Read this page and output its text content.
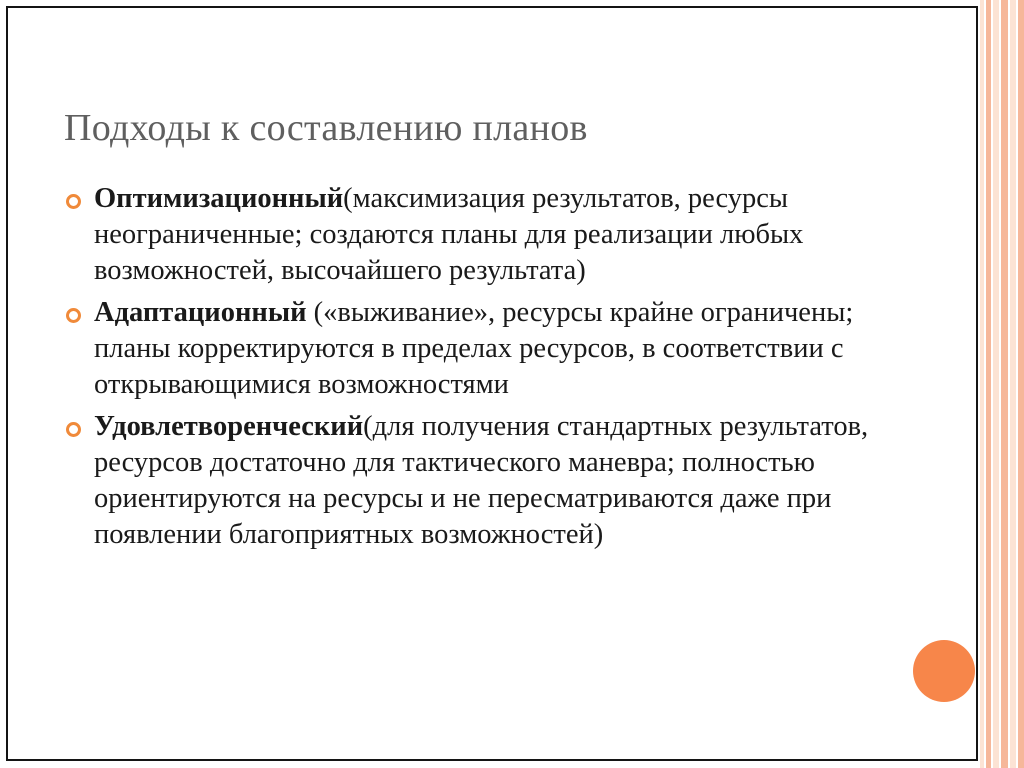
Подходы к составлению планов
Оптимизационный(максимизация результатов, ресурсы неограниченные; создаются планы для реализации любых возможностей, высочайшего результата)
Адаптационный («выживание», ресурсы крайне ограничены; планы корректируются в пределах ресурсов, в соответствии с открывающимися возможностями
Удовлетворенческий(для получения стандартных результатов, ресурсов достаточно для тактического маневра; полностью ориентируются на ресурсы и не пересматриваются даже при появлении благоприятных возможностей)
